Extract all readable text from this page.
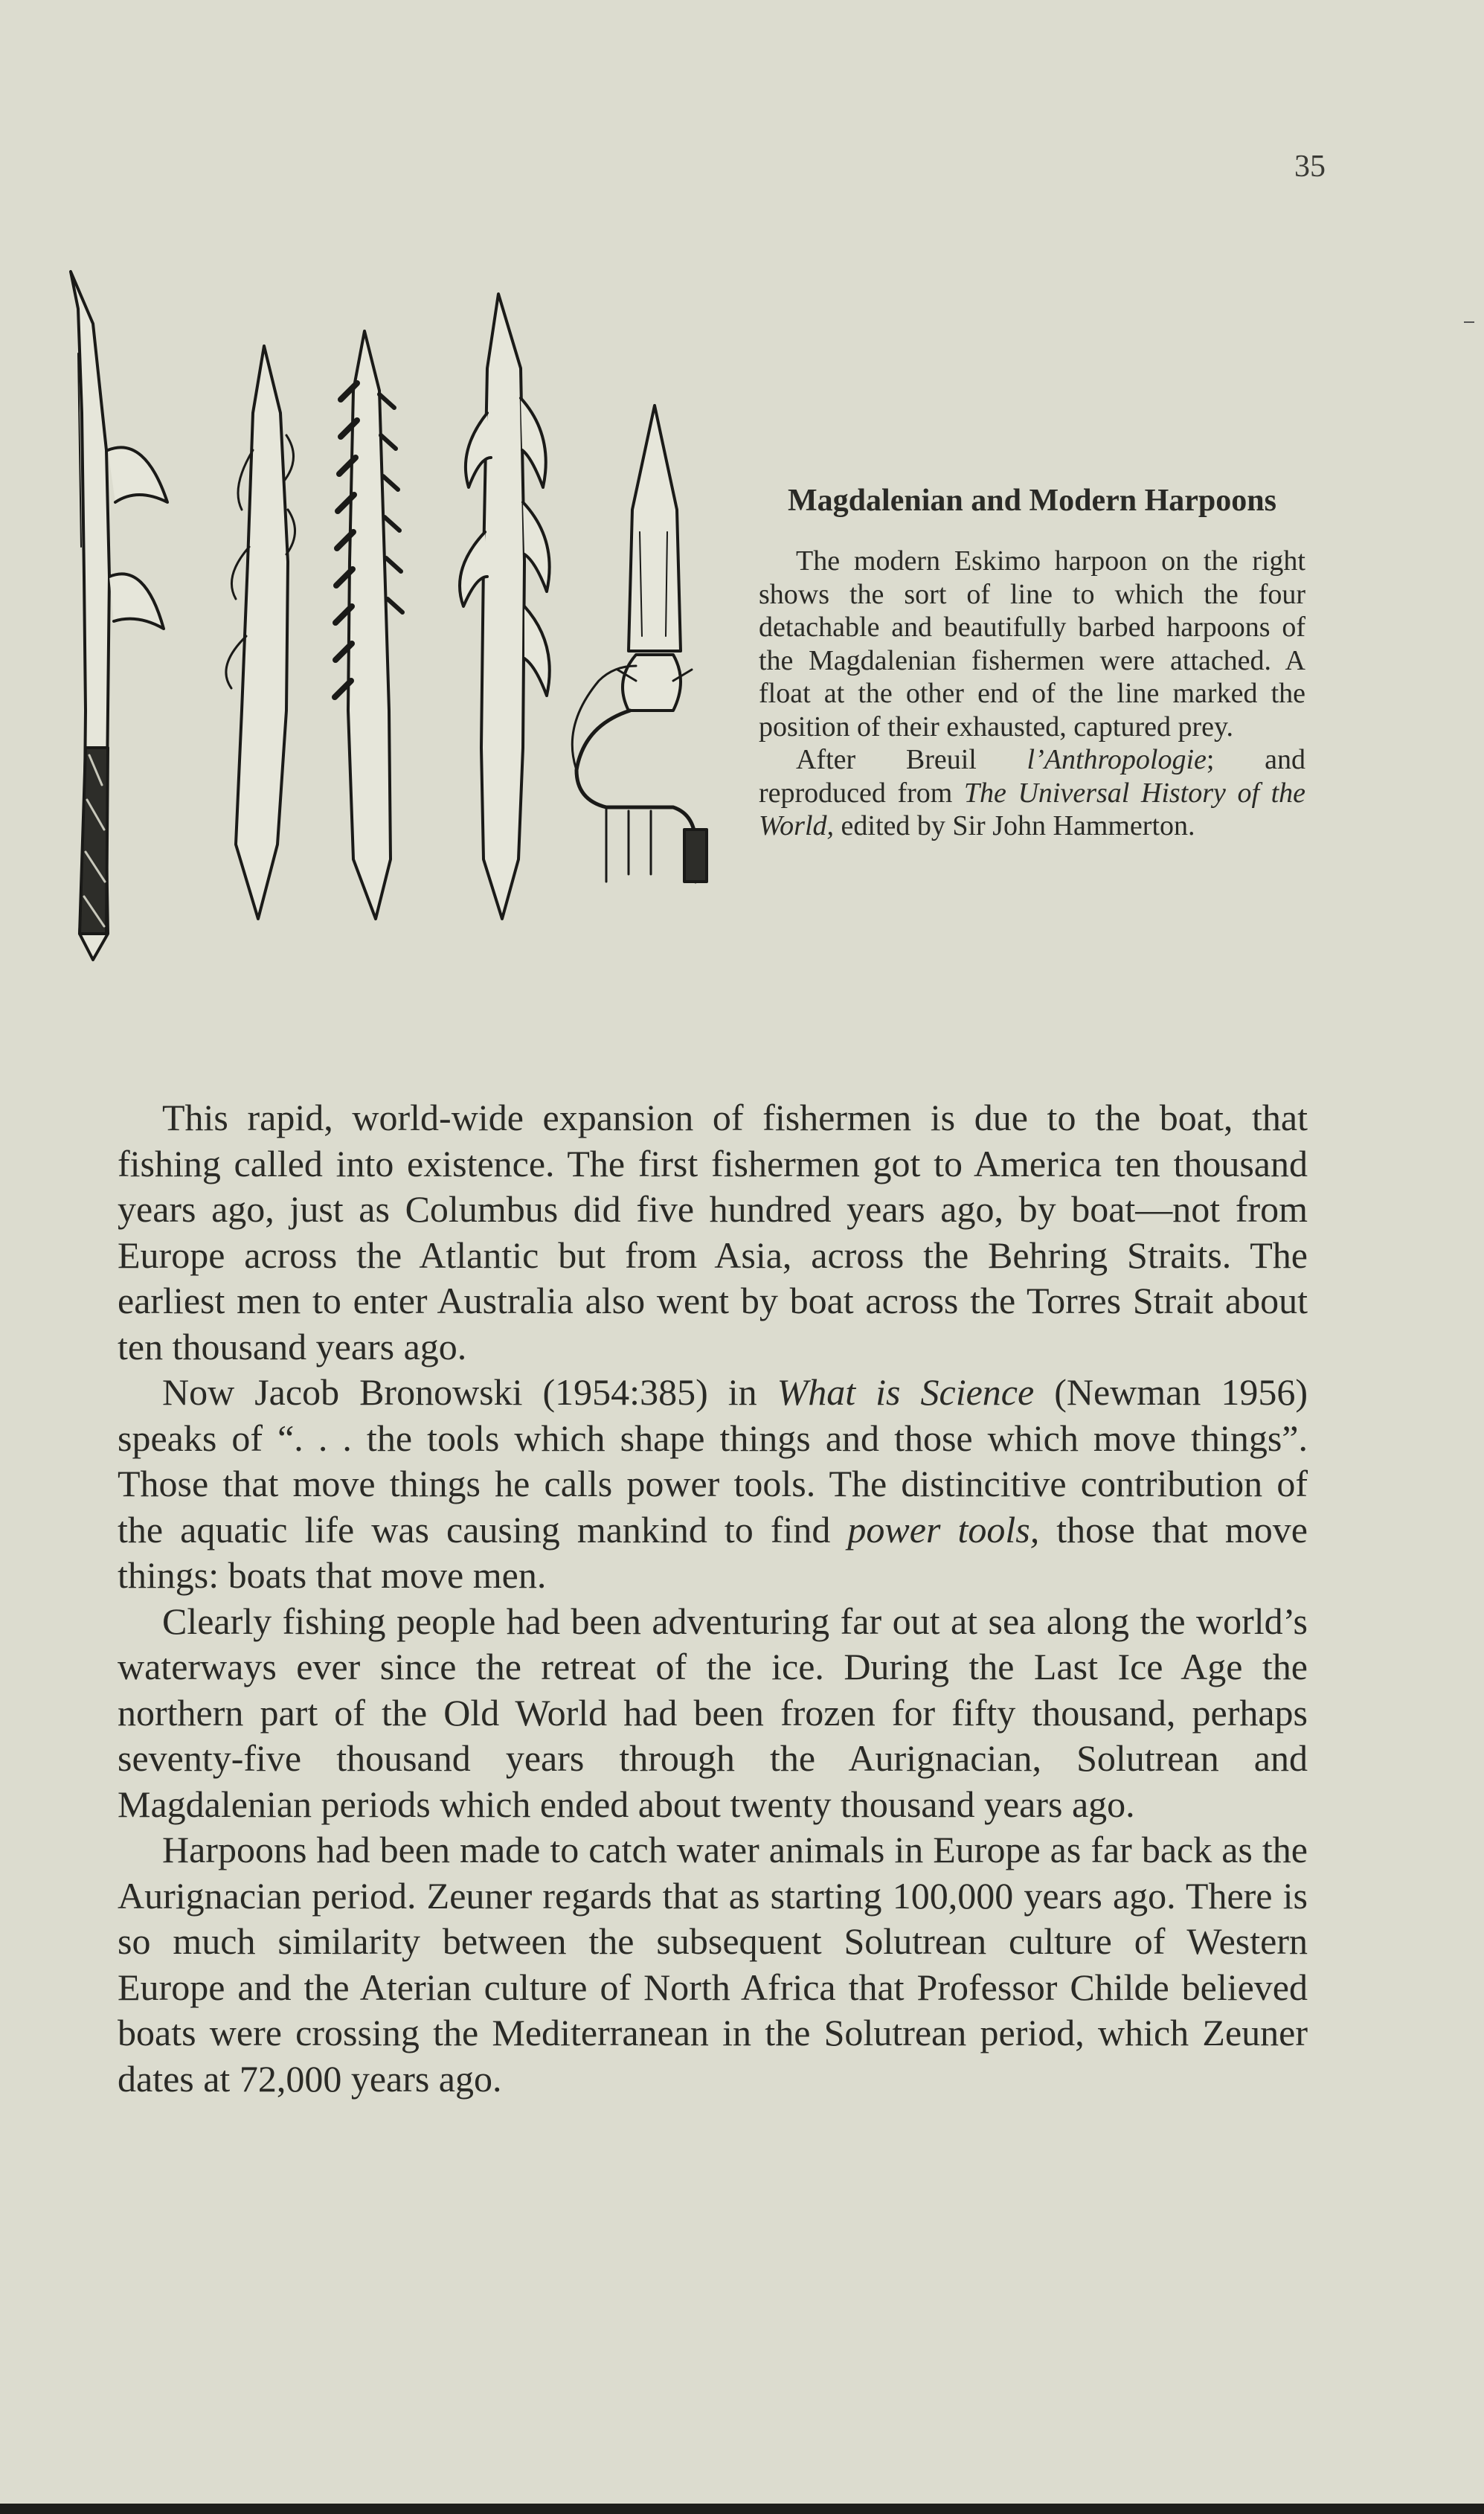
35
Magdalenian and Modern Harpoons

The modern Eskimo harpoon on the right shows the sort of line to which the four detachable and beautifully barbed harpoons of the Magdalenian fishermen were attached. A float at the other end of the line marked the position of their exhausted, captured prey.

After Breuil l’Anthropologie; and reproduced from The Universal History of the World, edited by Sir John Hammerton.

This rapid, world-wide expansion of fishermen is due to the boat, that fishing called into existence. The first fishermen got to America ten thousand years ago, just as Columbus did five hundred years ago, by boat—not from Europe across the Atlantic but from Asia, across the Behring Straits. The earliest men to enter Australia also went by boat across the Torres Strait about ten thousand years ago.

Now Jacob Bronowski (1954:385) in What is Science (Newman 1956) speaks of “. . . the tools which shape things and those which move things”. Those that move things he calls power tools. The distincitive contribution of the aquatic life was causing mankind to find power tools, those that move things: boats that move men.

Clearly fishing people had been adventuring far out at sea along the world’s waterways ever since the retreat of the ice. During the Last Ice Age the northern part of the Old World had been frozen for fifty thousand, perhaps seventy-five thousand years through the Aurignacian, Solutrean and Magdalenian periods which ended about twenty thousand years ago.

Harpoons had been made to catch water animals in Europe as far back as the Aurignacian period. Zeuner regards that as starting 100,000 years ago. There is so much similarity between the subsequent Solutrean culture of Western Europe and the Aterian culture of North Africa that Professor Childe believed boats were crossing the Mediterranean in the Solutrean period, which Zeuner dates at 72,000 years ago.
